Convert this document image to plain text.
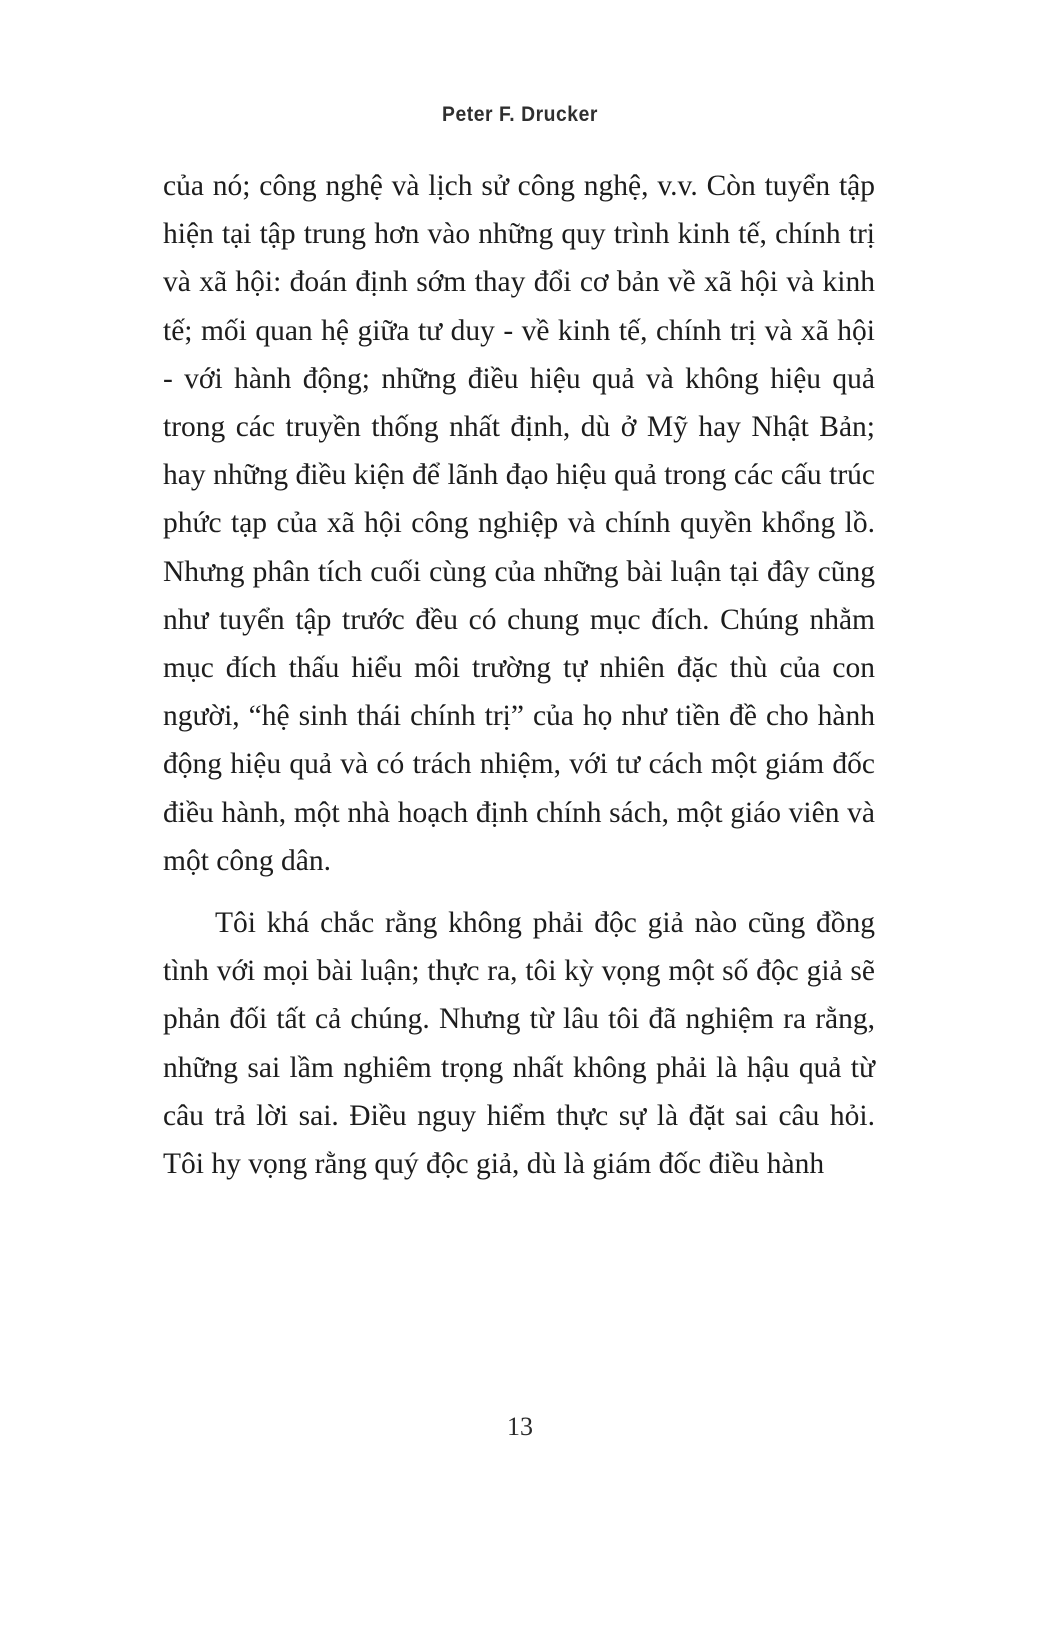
Peter F. Drucker

của nó; công nghệ và lịch sử công nghệ, v.v. Còn tuyển tập hiện tại tập trung hơn vào những quy trình kinh tế, chính trị và xã hội: đoán định sớm thay đổi cơ bản về xã hội và kinh tế; mối quan hệ giữa tư duy - về kinh tế, chính trị và xã hội - với hành động; những điều hiệu quả và không hiệu quả trong các truyền thống nhất định, dù ở Mỹ hay Nhật Bản; hay những điều kiện để lãnh đạo hiệu quả trong các cấu trúc phức tạp của xã hội công nghiệp và chính quyền khổng lồ. Nhưng phân tích cuối cùng của những bài luận tại đây cũng như tuyển tập trước đều có chung mục đích. Chúng nhằm mục đích thấu hiểu môi trường tự nhiên đặc thù của con người, “hệ sinh thái chính trị” của họ như tiền đề cho hành động hiệu quả và có trách nhiệm, với tư cách một giám đốc điều hành, một nhà hoạch định chính sách, một giáo viên và một công dân.

Tôi khá chắc rằng không phải độc giả nào cũng đồng tình với mọi bài luận; thực ra, tôi kỳ vọng một số độc giả sẽ phản đối tất cả chúng. Nhưng từ lâu tôi đã nghiệm ra rằng, những sai lầm nghiêm trọng nhất không phải là hậu quả từ câu trả lời sai. Điều nguy hiểm thực sự là đặt sai câu hỏi. Tôi hy vọng rằng quý độc giả, dù là giám đốc điều hành

13
